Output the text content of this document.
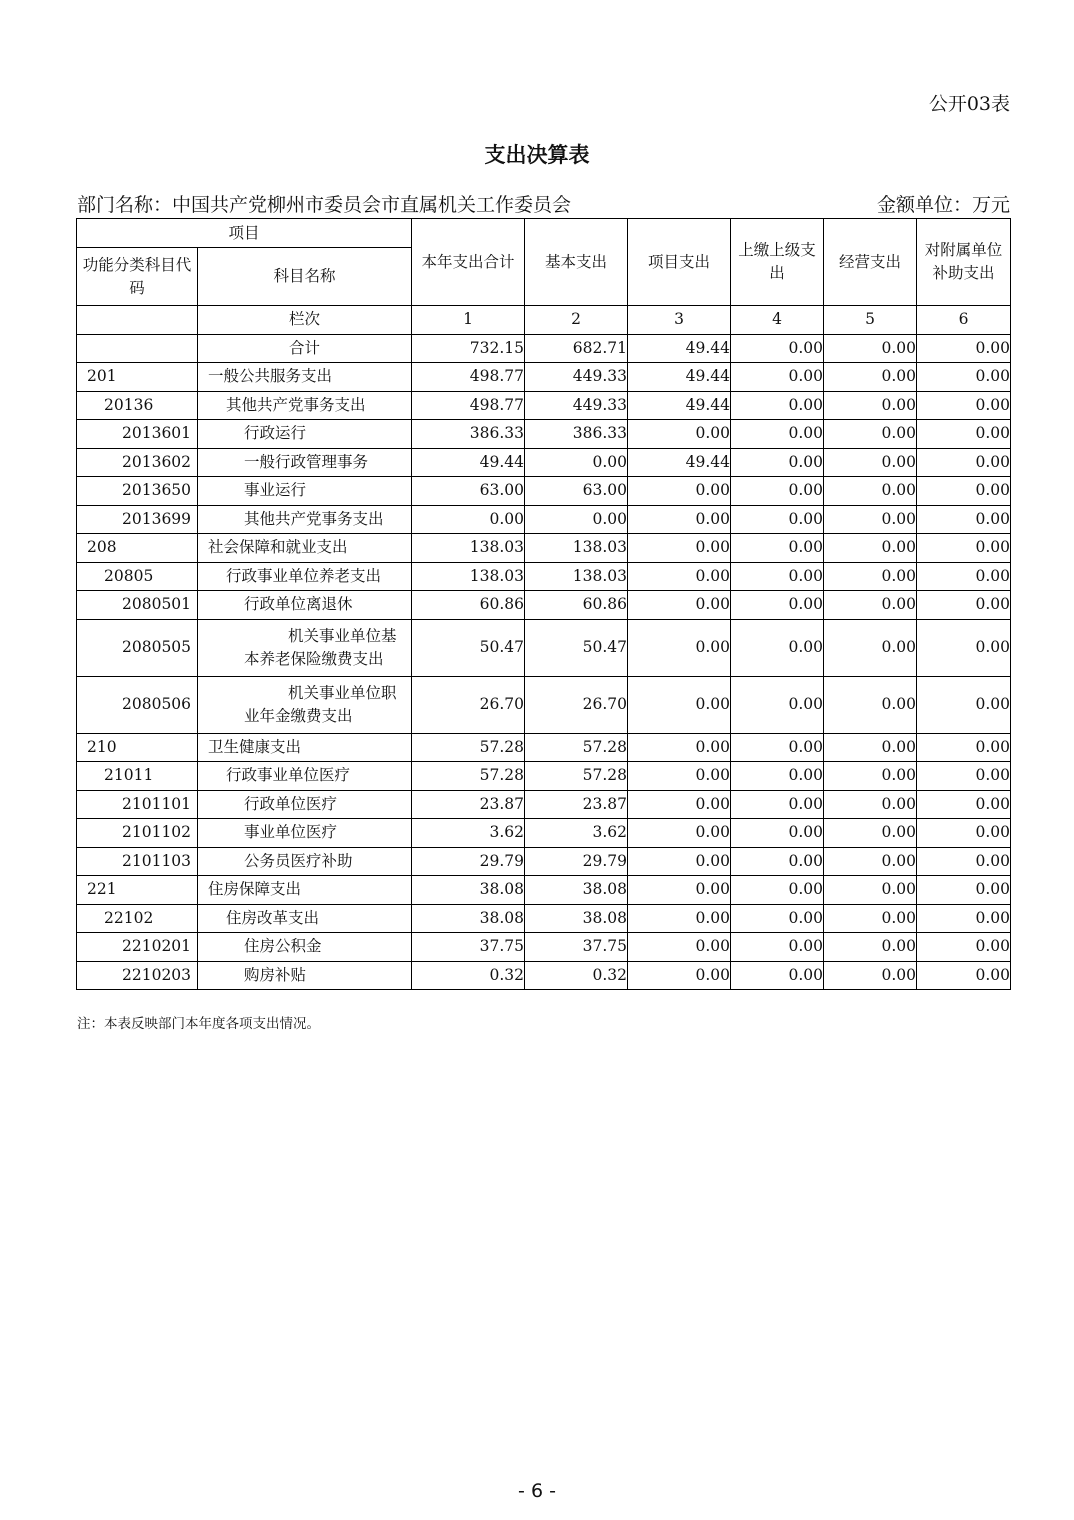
公开03表
支出决算表
部门名称：中国共产党柳州市委员会市直属机关工作委员会	金额单位：万元
项目		本年支出合计	基本支出	项目支出	上缴上级支出	经营支出	对附属单位补助支出
功能分类科目代码	科目名称						
	栏次	1	2	3	4	5	6
	合计	732.15	682.71	49.44	0.00	0.00	0.00
201	一般公共服务支出	498.77	449.33	49.44	0.00	0.00	0.00
20136	其他共产党事务支出	498.77	449.33	49.44	0.00	0.00	0.00
2013601	行政运行	386.33	386.33	0.00	0.00	0.00	0.00
2013602	一般行政管理事务	49.44	0.00	49.44	0.00	0.00	0.00
2013650	事业运行	63.00	63.00	0.00	0.00	0.00	0.00
2013699	其他共产党事务支出	0.00	0.00	0.00	0.00	0.00	0.00
208	社会保障和就业支出	138.03	138.03	0.00	0.00	0.00	0.00
20805	行政事业单位养老支出	138.03	138.03	0.00	0.00	0.00	0.00
2080501	行政单位离退休	60.86	60.86	0.00	0.00	0.00	0.00
2080505	机关事业单位基本养老保险缴费支出	50.47	50.47	0.00	0.00	0.00	0.00
2080506	机关事业单位职业年金缴费支出	26.70	26.70	0.00	0.00	0.00	0.00
210	卫生健康支出	57.28	57.28	0.00	0.00	0.00	0.00
21011	行政事业单位医疗	57.28	57.28	0.00	0.00	0.00	0.00
2101101	行政单位医疗	23.87	23.87	0.00	0.00	0.00	0.00
2101102	事业单位医疗	3.62	3.62	0.00	0.00	0.00	0.00
2101103	公务员医疗补助	29.79	29.79	0.00	0.00	0.00	0.00
221	住房保障支出	38.08	38.08	0.00	0.00	0.00	0.00
22102	住房改革支出	38.08	38.08	0.00	0.00	0.00	0.00
2210201	住房公积金	37.75	37.75	0.00	0.00	0.00	0.00
2210203	购房补贴	0.32	0.32	0.00	0.00	0.00	0.00
注：本表反映部门本年度各项支出情况。
- 6 -
